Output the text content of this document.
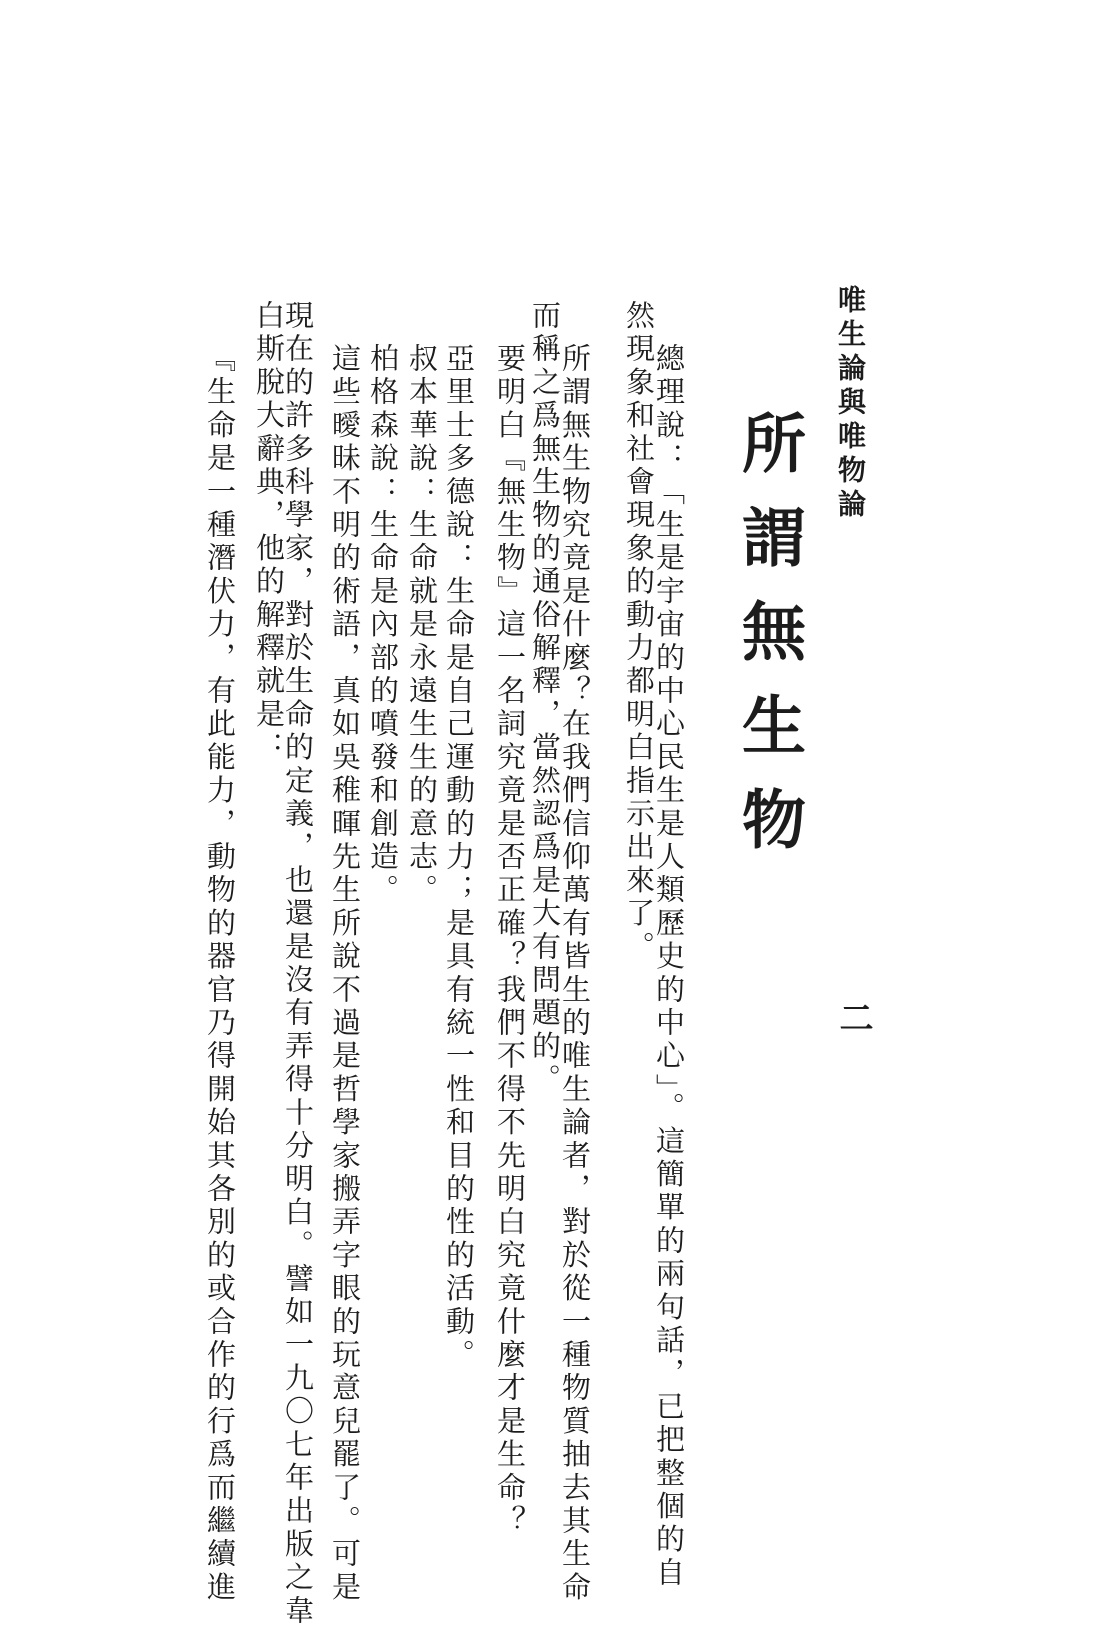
唯生論與唯物論
二
所謂無生物
總理說：「生是宇宙的中心民生是人類歷史的中心」。這簡單的兩句話，已把整個的自
然現象和社會現象的動力都明白指示出來了。
所謂無生物究竟是什麼？在我們信仰萬有皆生的唯生論者，對於從一種物質抽去其生命
而稱之爲無生物的通俗解釋，當然認爲是大有問題的。
要明白『無生物』這一名詞究竟是否正確？我們不得不先明白究竟什麼才是生命？
亞里士多德說：生命是自己運動的力；是具有統一性和目的性的活動。
叔本華說：生命就是永遠生生的意志。
柏格森說：生命是內部的噴發和創造。
這些曖昧不明的術語，真如吳稚暉先生所說不過是哲學家搬弄字眼的玩意兒罷了。可是
現在的許多科學家，對於生命的定義，也還是沒有弄得十分明白。譬如一九〇七年出版之韋
白斯脫大辭典，他的解釋就是：
『生命是一種潛伏力，有此能力，動物的器官乃得開始其各別的或合作的行爲而繼續進
